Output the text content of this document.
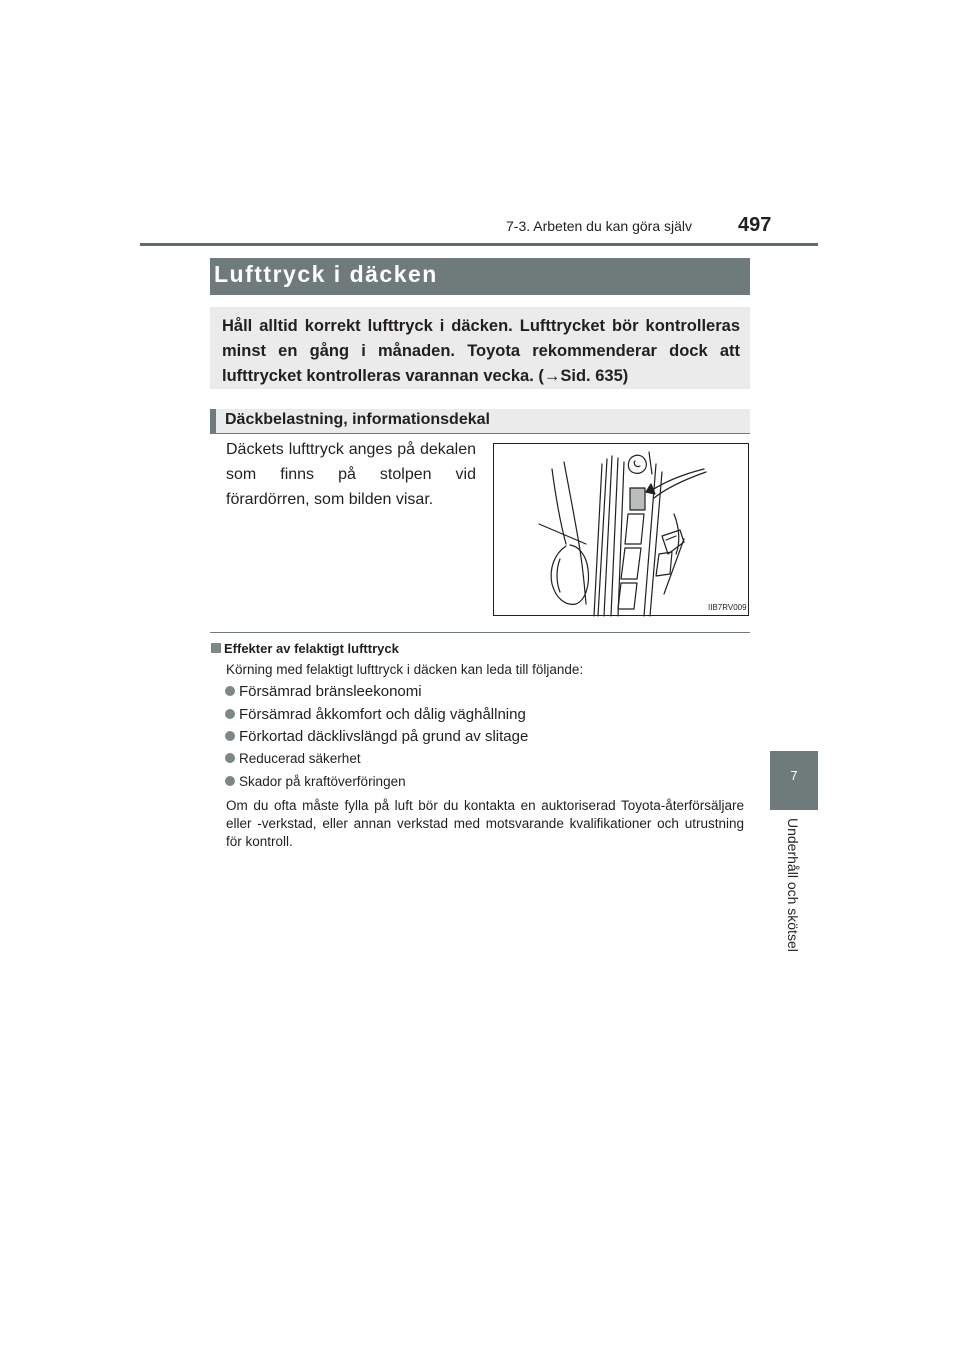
7-3. Arbeten du kan göra själv 497
7
Underhåll och skötsel
Lufttryck i däcken
Håll alltid korrekt lufttryck i däcken. Lufttrycket bör kontrolleras minst en gång i månaden. Toyota rekommenderar dock att lufttrycket kontrolleras varannan vecka. (→Sid. 635)
Däckbelastning, informationsdekal
Däckets lufttryck anges på dekalen som finns på stolpen vid förardörren, som bilden visar.
IIB7RV009
Effekter av felaktigt lufttryck
Körning med felaktigt lufttryck i däcken kan leda till följande:
Försämrad bränsleekonomi
Försämrad åkkomfort och dålig väghållning
Förkortad däcklivslängd på grund av slitage
Reducerad säkerhet
Skador på kraftöverföringen
Om du ofta måste fylla på luft bör du kontakta en auktoriserad Toyota-återförsäljare eller -verkstad, eller annan verkstad med motsvarande kvalifikationer och utrustning för kontroll.
